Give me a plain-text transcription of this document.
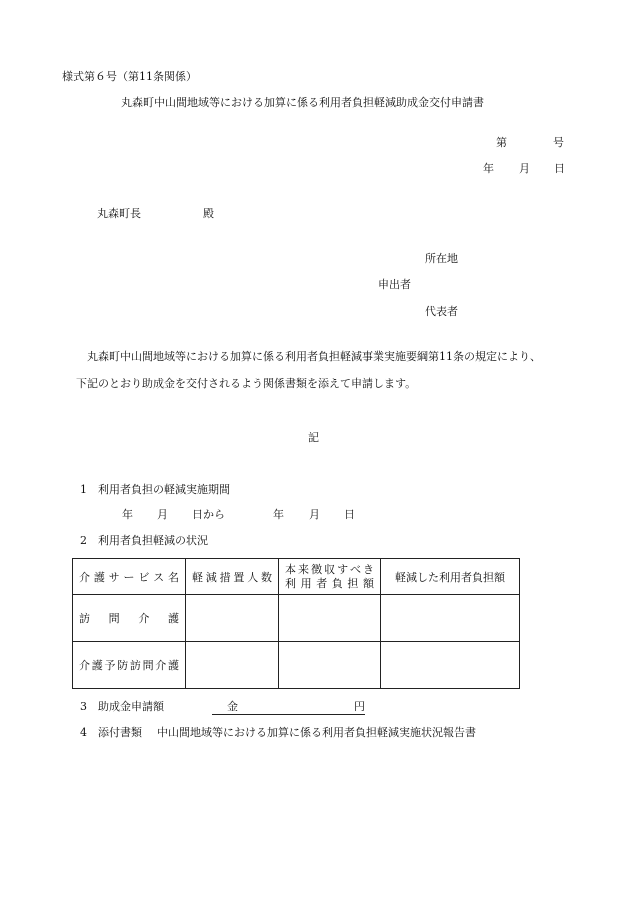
様式第６号（第11条関係）
丸森町中山間地域等における加算に係る利用者負担軽減助成金交付申請書
第	号
年 月 日
丸森町長	殿
所在地
申出者
代表者
丸森町中山間地域等における加算に係る利用者負担軽減事業実施要綱第11条の規定により、
下記のとおり助成金を交付されるよう関係書類を添えて申請します。
記
1 利用者負担の軽減実施期間
年 月 日から	年 月 日
2 利用者負担軽減の状況
介護サービス名	軽減措置人数	本来徴収すべき
利用者負担額	軽減した利用者負担額

訪 問 介 護			

介護予防訪問介護			

3 助成金申請額	金	円
4 添付書類 中山間地域等における加算に係る利用者負担軽減実施状況報告書
